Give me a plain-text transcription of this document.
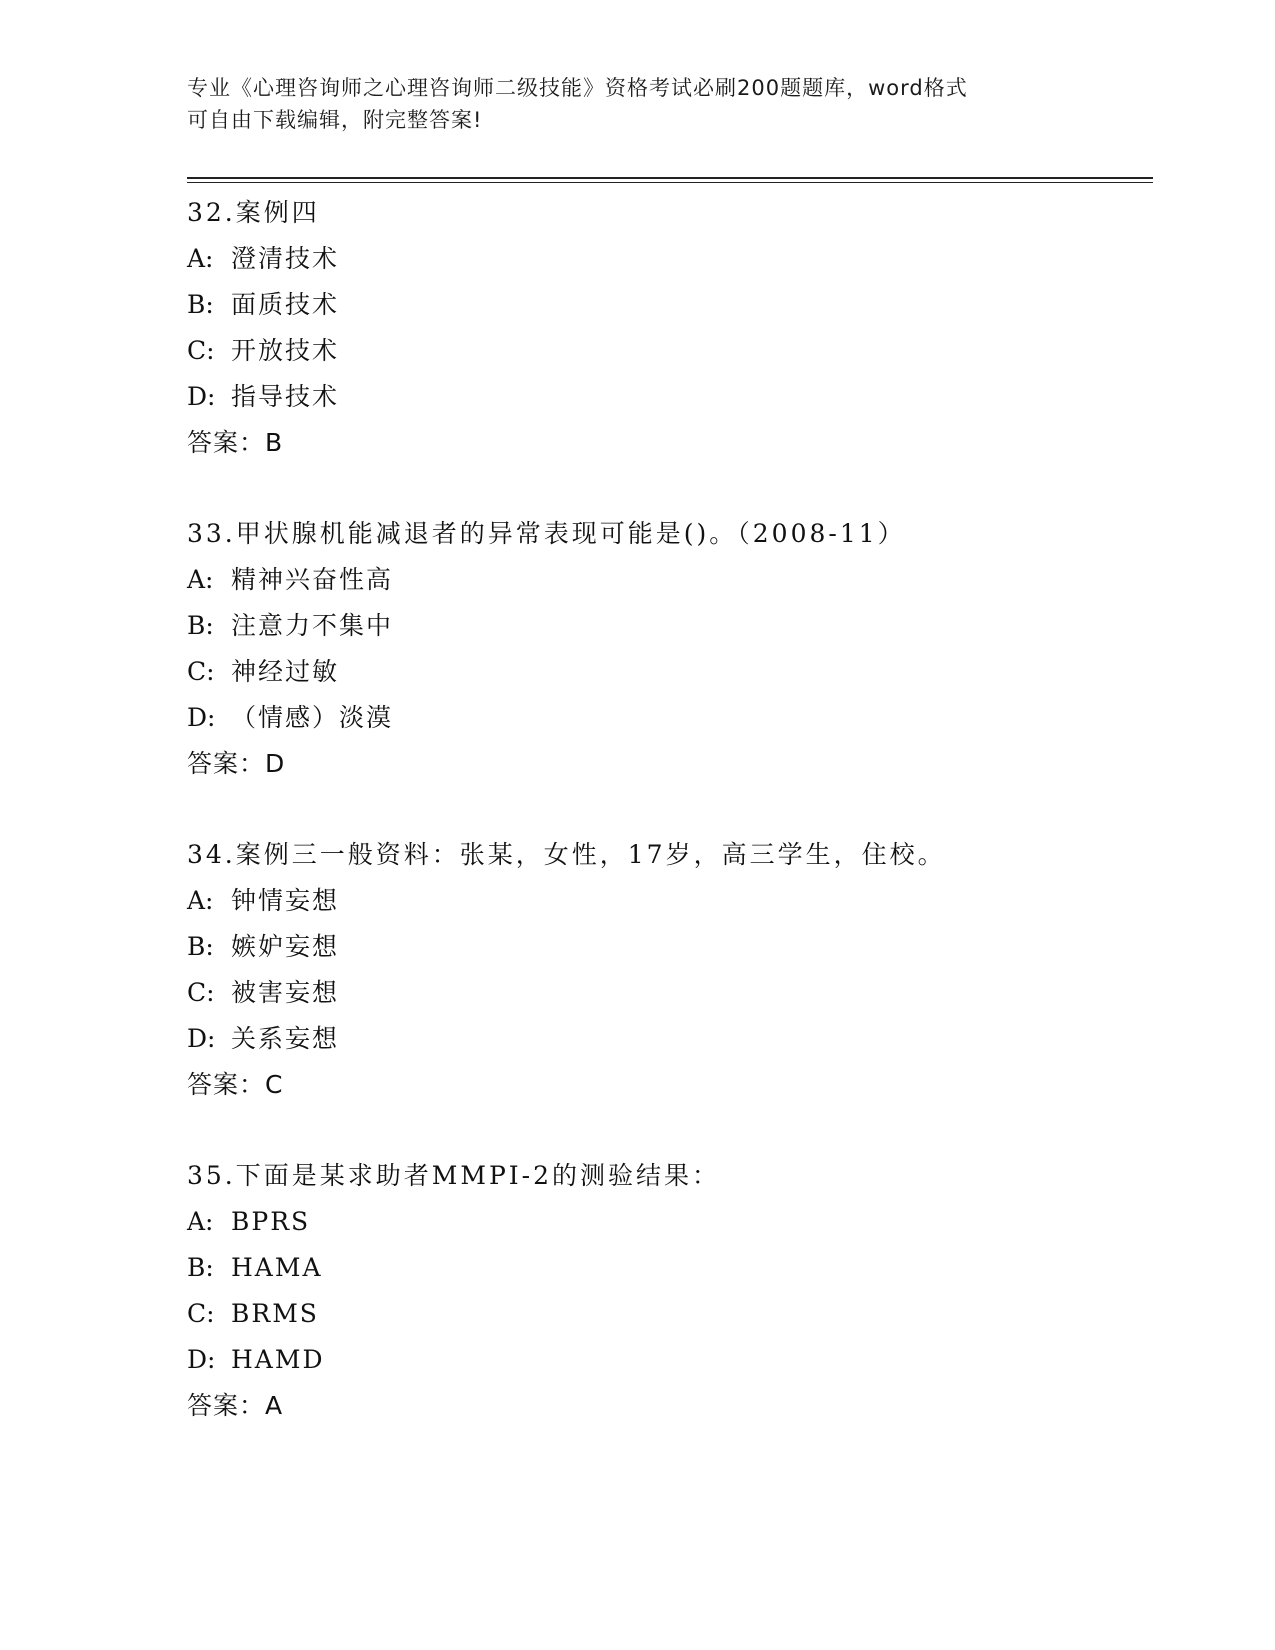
专业《心理咨询师之心理咨询师二级技能》资格考试必刷200题题库，word格式
可自由下载编辑，附完整答案!
32.案例四
A: 澄清技术
B: 面质技术
C: 开放技术
D: 指导技术
答案：B
33.甲状腺机能减退者的异常表现可能是()。（2008-11）
A: 精神兴奋性高
B: 注意力不集中
C: 神经过敏
D: （情感）淡漠
答案：D
34.案例三一般资料：张某，女性，17岁，高三学生，住校。
A: 钟情妄想
B: 嫉妒妄想
C: 被害妄想
D: 关系妄想
答案：C
35.下面是某求助者MMPI-2的测验结果：
A: BPRS
B: HAMA
C: BRMS
D: HAMD
答案：A
